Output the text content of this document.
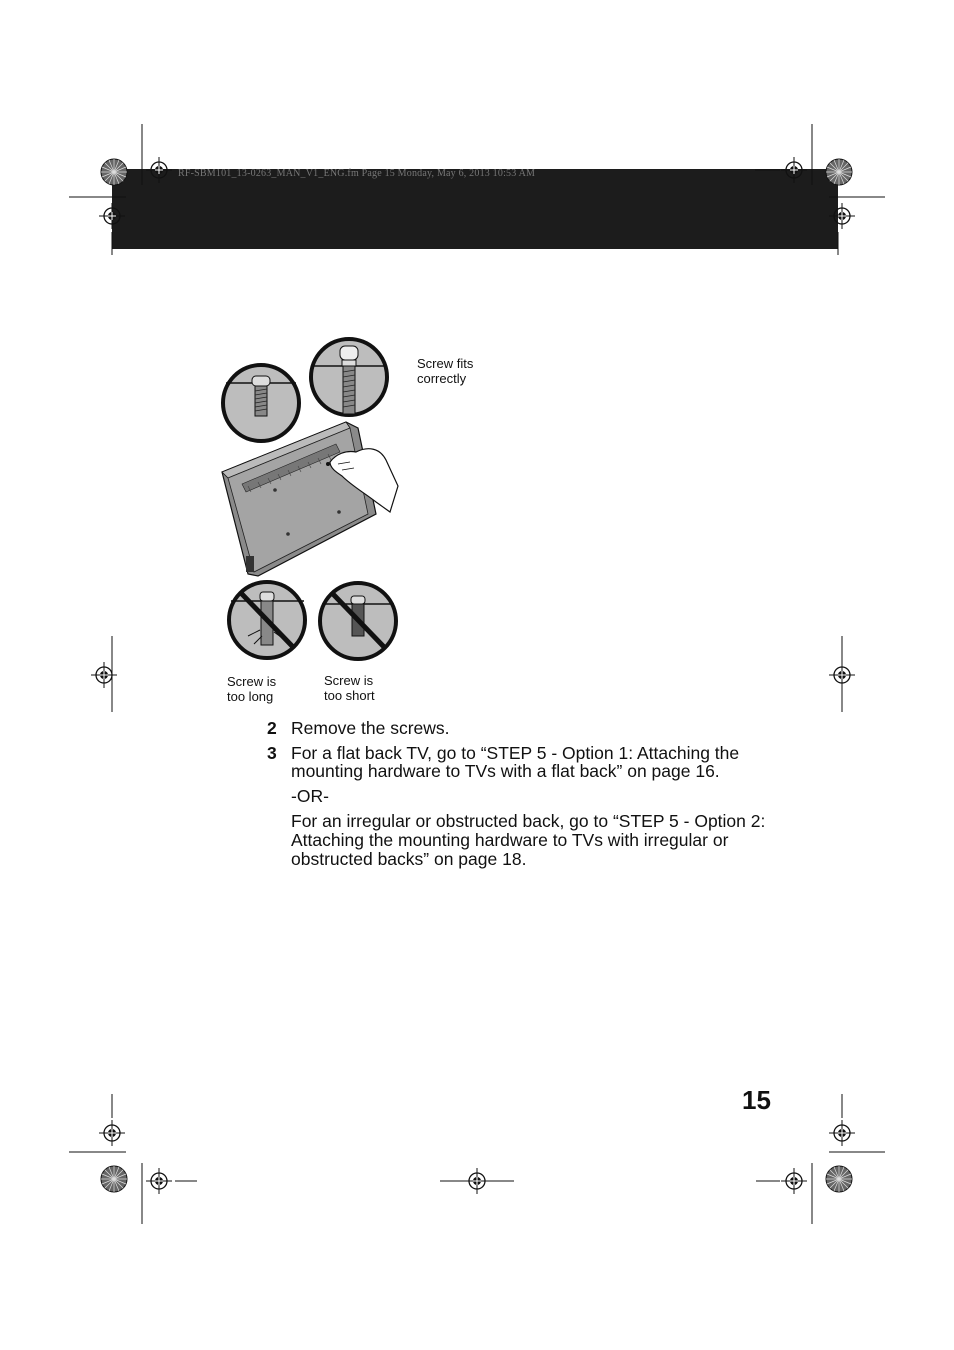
RF-SBM101_13-0263_MAN_V1_ENG.fm Page 15 Monday, May 6, 2013 10:53 AM
Screw fits
correctly
Screw is
too long
Screw is
too short
2 Remove the screws.
3 For a flat back TV, go to “STEP 5 - Option 1: Attaching the
mounting hardware to TVs with a flat back” on page 16.
-OR-
For an irregular or obstructed back, go to “STEP 5 - Option 2:
Attaching the mounting hardware to TVs with irregular or
obstructed backs” on page 18.
15
